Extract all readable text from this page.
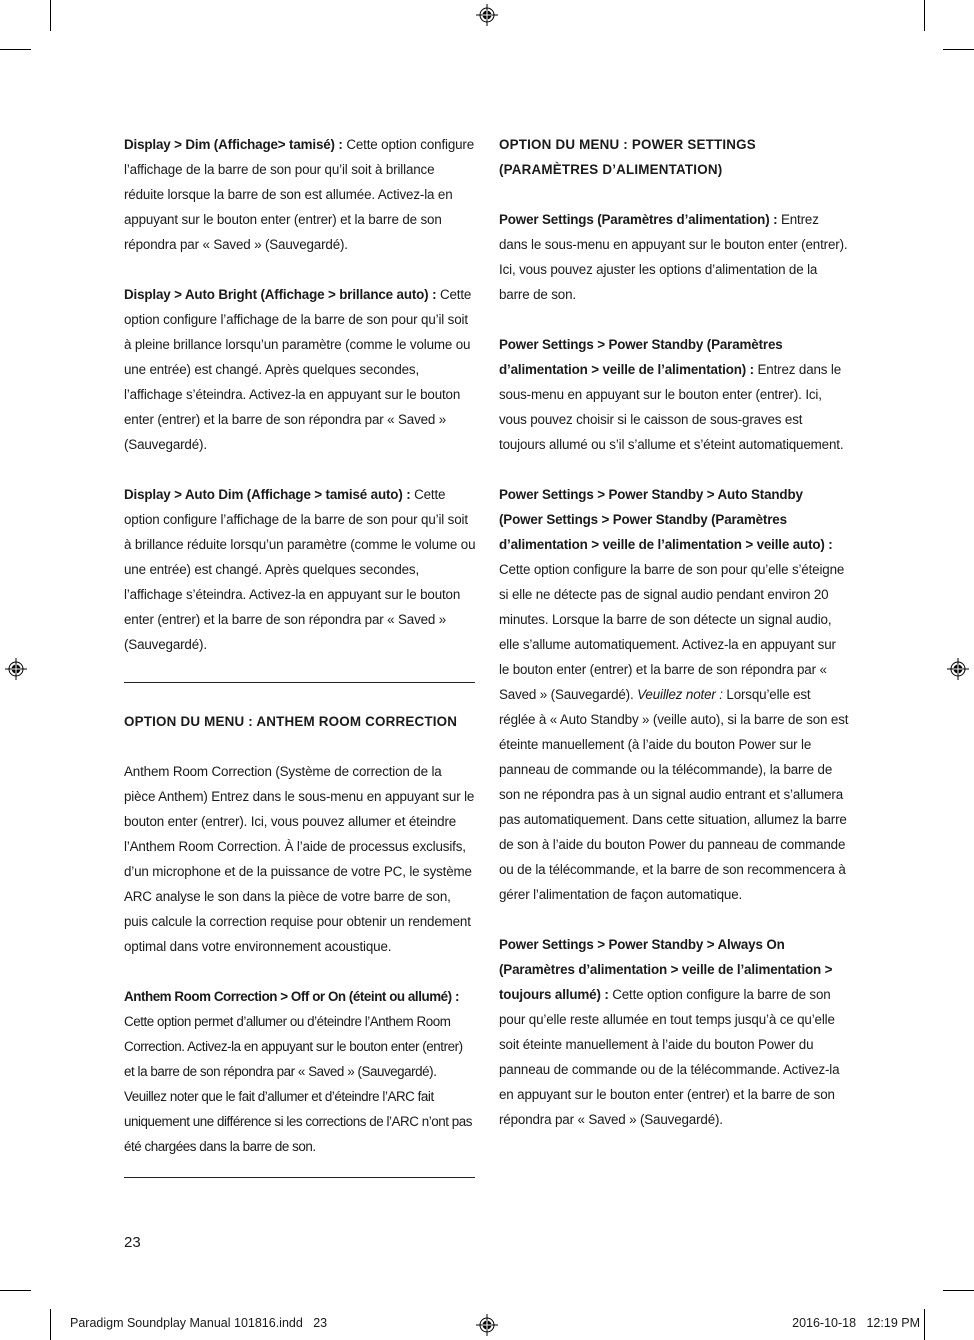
Display > Dim (Affichage> tamisé) : Cette option configure l’affichage de la barre de son pour qu’il soit à brillance réduite lorsque la barre de son est allumée. Activez-la en appuyant sur le bouton enter (entrer) et la barre de son répondra par « Saved » (Sauvegardé).

Display > Auto Bright (Affichage > brillance auto) : Cette option configure l’affichage de la barre de son pour qu’il soit à pleine brillance lorsqu’un paramètre (comme le volume ou une entrée) est changé. Après quelques secondes, l’affichage s’éteindra. Activez-la en appuyant sur le bouton enter (entrer) et la barre de son répondra par « Saved » (Sauvegardé).

Display > Auto Dim (Affichage > tamisé auto) : Cette option configure l’affichage de la barre de son pour qu’il soit à brillance réduite lorsqu’un paramètre (comme le volume ou une entrée) est changé. Après quelques secondes, l’affichage s’éteindra. Activez-la en appuyant sur le bouton enter (entrer) et la barre de son répondra par « Saved » (Sauvegardé).

OPTION DU MENU : ANTHEM ROOM CORRECTION

Anthem Room Correction (Système de correction de la pièce Anthem) Entrez dans le sous-menu en appuyant sur le bouton enter (entrer). Ici, vous pouvez allumer et éteindre l’Anthem Room Correction. À l’aide de processus exclusifs, d’un microphone et de la puissance de votre PC, le système ARC analyse le son dans la pièce de votre barre de son, puis calcule la correction requise pour obtenir un rendement optimal dans votre environnement acoustique.

Anthem Room Correction > Off or On (éteint ou allumé) : Cette option permet d’allumer ou d’éteindre l’Anthem Room Correction. Activez-la en appuyant sur le bouton enter (entrer) et la barre de son répondra par « Saved » (Sauvegardé). Veuillez noter que le fait d’allumer et d’éteindre l’ARC fait uniquement une différence si les corrections de l’ARC n’ont pas été chargées dans la barre de son.

OPTION DU MENU : POWER SETTINGS
(PARAMÈTRES D’ALIMENTATION)

Power Settings (Paramètres d’alimentation) : Entrez dans le sous-menu en appuyant sur le bouton enter (entrer). Ici, vous pouvez ajuster les options d’alimentation de la barre de son.

Power Settings > Power Standby (Paramètres d’alimentation > veille de l’alimentation) : Entrez dans le sous-menu en appuyant sur le bouton enter (entrer). Ici, vous pouvez choisir si le caisson de sous-graves est toujours allumé ou s’il s’allume et s’éteint automatiquement.

Power Settings > Power Standby > Auto Standby (Power Settings > Power Standby (Paramètres d’alimentation > veille de l’alimentation > veille auto) : Cette option configure la barre de son pour qu’elle s’éteigne si elle ne détecte pas de signal audio pendant environ 20 minutes. Lorsque la barre de son détecte un signal audio, elle s’allume automatiquement. Activez-la en appuyant sur le bouton enter (entrer) et la barre de son répondra par « Saved » (Sauvegardé). Veuillez noter : Lorsqu’elle est réglée à « Auto Standby » (veille auto), si la barre de son est éteinte manuellement (à l’aide du bouton Power sur le panneau de commande ou la télécommande), la barre de son ne répondra pas à un signal audio entrant et s’allumera pas automatiquement. Dans cette situation, allumez la barre de son à l’aide du bouton Power du panneau de commande ou de la télécommande, et la barre de son recommencera à gérer l’alimentation de façon automatique.

Power Settings > Power Standby > Always On (Paramètres d’alimentation > veille de l’alimentation > toujours allumé) : Cette option configure la barre de son pour qu’elle reste allumée en tout temps jusqu’à ce qu’elle soit éteinte manuellement à l’aide du bouton Power du panneau de commande ou de la télécommande. Activez-la en appuyant sur le bouton enter (entrer) et la barre de son répondra par « Saved » (Sauvegardé).

23
Paradigm Soundplay Manual 101816.indd   23	2016-10-18   12:19 PM
